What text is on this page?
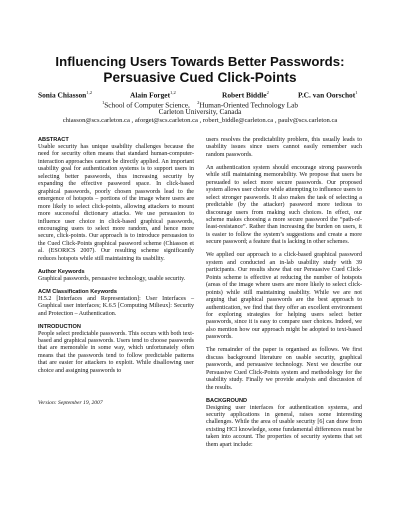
Influencing Users Towards Better Passwords:
Persuasive Cued Click-Points
Sonia Chiasson$^{1,2}$	Alain Forget$^{1,2}$	Robert Biddle$^2$	P.C. van Oorschot$^1$
$^1$School of Computer Science, $^2$Human-Oriented Technology Lab
Carleton University, Canada
chiasson@scs.carleton.ca , aforget@scs.carleton.ca , robert_biddle@carleton.ca , paulv@scs.carleton.ca

ABSTRACT

Usable security has unique usability challenges because the need for security often means that standard human-computer-interaction approaches cannot be directly applied. An important usability goal for authentication systems is to support users in selecting better passwords, thus increasing security by expanding the effective password space. In click-based graphical passwords, poorly chosen passwords lead to the emergence of hotspots – portions of the image where users are more likely to select click-points, allowing attackers to mount more successful dictionary attacks. We use persuasion to influence user choice in click-based graphical passwords, encouraging users to select more random, and hence more secure, click-points. Our approach is to introduce persuasion to the Cued Click-Points graphical password scheme (Chiasson et al. (ESORICS 2007). Our resulting scheme significantly reduces hotspots while still maintaining its usability.

Author Keywords

Graphical passwords, persuasive technology, usable security.

ACM Classification Keywords

H.5.2 [Interfaces and Representation]: User Interfaces – Graphical user interfaces; K.6.5 [Computing Milieux]: Security and Protection – Authentication.

INTRODUCTION

People select predictable passwords. This occurs with both text-based and graphical passwords. Users tend to choose passwords that are memorable in some way, which unfortunately often means that the passwords tend to follow predictable patterns that are easier for attackers to exploit. While disallowing user choice and assigning passwords to

Version: September 19, 2007

users resolves the predictability problem, this usually leads to usability issues since users cannot easily remember such random passwords.

An authentication system should encourage strong passwords while still maintaining memorability. We propose that users be persuaded to select more secure passwords. Our proposed system allows user choice while attempting to influence users to select stronger passwords. It also makes the task of selecting a predictable (by the attacker) password more tedious to discourage users from making such choices. In effect, our scheme makes choosing a more secure password the “path-of-least-resistance”. Rather than increasing the burden on users, it is easier to follow the system’s suggestions and create a more secure password; a feature that is lacking in other schemes.

We applied our approach to a click-based graphical password system and conducted an in-lab usability study with 39 participants. Our results show that our Persuasive Cued Click-Points scheme is effective at reducing the number of hotspots (areas of the image where users are more likely to select click-points) while still maintaining usability. While we are not arguing that graphical passwords are the best approach to authentication, we find that they offer an excellent environment for exploring strategies for helping users select better passwords, since it is easy to compare user choices. Indeed, we also mention how our approach might be adopted to text-based passwords.

The remainder of the paper is organised as follows. We first discuss background literature on usable security, graphical passwords, and persuasive technology. Next we describe our Persuasive Cued Click-Points system and methodology for the usability study. Finally we provide analysis and discussion of the results.

BACKGROUND

Designing user interfaces for authentication systems, and security applications in general, raises some interesting challenges. While the area of usable security [6] can draw from existing HCI knowledge, some fundamental differences must be taken into account. The properties of security systems that set them apart include:
